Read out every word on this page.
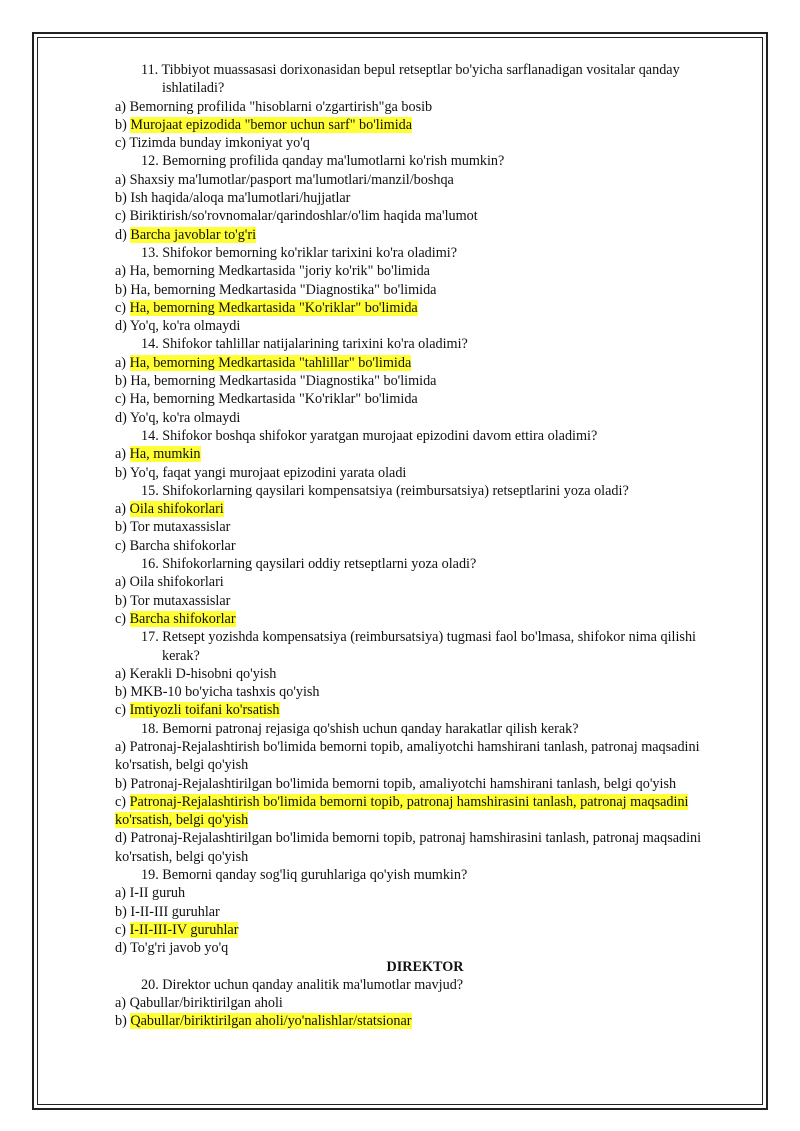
11. Tibbiyot muassasasi dorixonasidan bepul retseptlar bo'yicha sarflanadigan vositalar qanday ishlatiladi?
a) Bemorning profilida "hisoblarni o'zgartirish"ga bosib
b) Murojaat epizodida "bemor uchun sarf" bo'limida
c) Tizimda bunday imkoniyat yo'q
12. Bemorning profilida qanday ma'lumotlarni ko'rish mumkin?
a) Shaxsiy ma'lumotlar/pasport ma'lumotlari/manzil/boshqa
b) Ish haqida/aloqa ma'lumotlari/hujjatlar
c) Biriktirish/so'rovnomalar/qarindoshlar/o'lim haqida ma'lumot
d) Barcha javoblar to'g'ri
13. Shifokor bemorning ko'riklar tarixini ko'ra oladimi?
a) Ha, bemorning Medkartasida "joriy ko'rik" bo'limida
b) Ha, bemorning Medkartasida "Diagnostika" bo'limida
c) Ha, bemorning Medkartasida "Ko'riklar" bo'limida
d) Yo'q, ko'ra olmaydi
14. Shifokor tahlillar natijalarining tarixini ko'ra oladimi?
a) Ha, bemorning Medkartasida "tahlillar" bo'limida
b) Ha, bemorning Medkartasida "Diagnostika" bo'limida
c) Ha, bemorning Medkartasida "Ko'riklar" bo'limida
d) Yo'q, ko'ra olmaydi
14. Shifokor boshqa shifokor yaratgan murojaat epizodini davom ettira oladimi?
a) Ha, mumkin
b) Yo'q, faqat yangi murojaat epizodini yarata oladi
15. Shifokorlarning qaysilari kompensatsiya (reimbursatsiya) retseptlarini yoza oladi?
a) Oila shifokorlari
b) Tor mutaxassislar
c) Barcha shifokorlar
16. Shifokorlarning qaysilari oddiy retseptlarni yoza oladi?
a) Oila shifokorlari
b) Tor mutaxassislar
c) Barcha shifokorlar
17. Retsept yozishda kompensatsiya (reimbursatsiya) tugmasi faol bo'lmasa, shifokor nima qilishi kerak?
a) Kerakli D-hisobni qo'yish
b) MKB-10 bo'yicha tashxis qo'yish
c) Imtiyozli toifani ko'rsatish
18. Bemorni patronaj rejasiga qo'shish uchun qanday harakatlar qilish kerak?
a) Patronaj-Rejalashtirish bo'limida bemorni topib, amaliyotchi hamshirani tanlash, patronaj maqsadini ko'rsatish, belgi qo'yish
b) Patronaj-Rejalashtirilgan bo'limida bemorni topib, amaliyotchi hamshirani tanlash, belgi qo'yish
c) Patronaj-Rejalashtirish bo'limida bemorni topib, patronaj hamshirasini tanlash, patronaj maqsadini ko'rsatish, belgi qo'yish
d) Patronaj-Rejalashtirilgan bo'limida bemorni topib, patronaj hamshirasini tanlash, patronaj maqsadini ko'rsatish, belgi qo'yish
19. Bemorni qanday sog'liq guruhlariga qo'yish mumkin?
a) I-II guruh
b) I-II-III guruhlar
c) I-II-III-IV guruhlar
d) To'g'ri javob yo'q
DIREKTOR
20. Direktor uchun qanday analitik ma'lumotlar mavjud?
a) Qabullar/biriktirilgan aholi
b) Qabullar/biriktirilgan aholi/yo'nalishlar/statsionar
